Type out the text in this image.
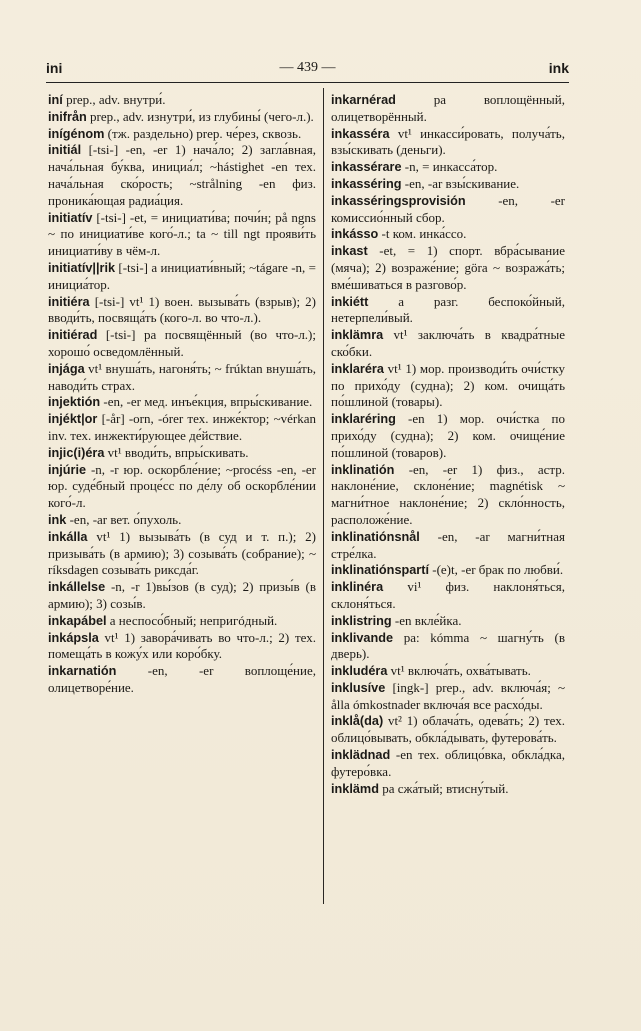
ini	— 439 —	ink

iní prep., adv. внутри́.

inifrån prep., adv. изнутри́, из глубины́ (чего-л.).

inígénom (тж. раздельно) prep. че́рез, сквозь.

initiál [-tsi-] -en, -er 1) нача́ло; 2) загла́вная, нача́льная бу́ква, инициа́л; ~hástighet -en тех. нача́льная ско́рость; ~strålning -en физ. проника́ющая радиа́ция.

initiatív [-tsi-] -et, = инициати́ва; почи́н; på ngns ~ по инициати́ве кого́-л.; ta ~ till ngt прояви́ть инициати́ву в чём-л.

initiatív||rik [-tsi-] a инициати́вный; ~tágare -n, = инициа́тор.

initiéra [-tsi-] vt¹ 1) воен. вызыва́ть (взрыв); 2) вводи́ть, посвяща́ть (кого-л. во что-л.).

initiérad [-tsi-] pa посвящённый (во что-л.); хорошо́ осведомлённый.

injága vt¹ внуша́ть, нагоня́ть; ~ frúktan внуша́ть, наводи́ть страх.

injektión -en, -er мед. инъе́кция, впры́скивание.

injékt|or [-år] -orn, -órer тех. инже́ктор; ~vérkan inv. тех. инжекти́рующее де́йствие.

injic(i)éra vt¹ вводи́ть, впры́скивать.

injúrie -n, -r юр. оскорбле́ние; ~procéss -en, -er юр. суде́бный проце́сс по де́лу об оскорбле́нии кого́-л.

ink -en, -ar вет. о́пухоль.

inkálla vt¹ 1) вызыва́ть (в суд и т. п.); 2) призыва́ть (в армию); 3) созыва́ть (собрание); ~ ríksdagen созыва́ть риксда́г.

inkállelse -n, -r 1)вы́зов (в суд); 2) призы́в (в армию); 3) созы́в.

inkapábel a неспосо́бный; непригóдный.

inkápsla vt¹ 1) завора́чивать во что-л.; 2) тех. помеща́ть в кожу́х или коро́бку.

inkarnatión -en, -er воплоще́ние, олицетворе́ние.

inkarnérad pa воплощённый, олицетворённый.

inkasséra vt¹ инкасси́ровать, получа́ть, взы́скивать (деньги).

inkassérare -n, = инкасса́тор.

inkasséring -en, -ar взы́скивание.

inkasséringsprovisión -en, -er комиссио́нный сбор.

inkásso -t ком. инка́ссо.

inkast -et, = 1) спорт. вбра́сывание (мяча); 2) возраже́ние; göra ~ возража́ть; вме́шиваться в разгово́р.

inkiétt a разг. беспоко́йный, нетерпели́вый.

inklämra vt¹ заключа́ть в квадра́тные ско́бки.

inklaréra vt¹ 1) мор. производи́ть очи́стку по прихо́ду (судна); 2) ком. очища́ть по́шлиной (товары).

inklaréring -en 1) мор. очи́стка по прихо́ду (судна); 2) ком. очище́ние по́шлиной (товаров).

inklinatión -en, -er 1) физ., астр. наклоне́ние, склоне́ние; magnétisk ~ магни́тное наклоне́ние; 2) скло́нность, расположе́ние.

inklinatiónsnål -en, -ar магни́тная стре́лка.

inklinatiónspartí -(e)t, -er брак по любви́.

inklinéra vi¹ физ. наклоня́ться, склоня́ться.

inklistring -en вкле́йка.

inklivande pa: kómma ~ шагну́ть (в дверь).

inkludéra vt¹ включа́ть, охва́тывать.

inklusíve [ingk-] prep., adv. включа́я; ~ ålla ómkostnader включа́я все расхо́ды.

inklå(da) vt² 1) облача́ть, одева́ть; 2) тех. облицо́вывать, обкла́дывать, футерова́ть.

inklädnad -en тех. облицо́вка, обкла́дка, футеро́вка.

inklämd pa сжа́тый; втисну́тый.
